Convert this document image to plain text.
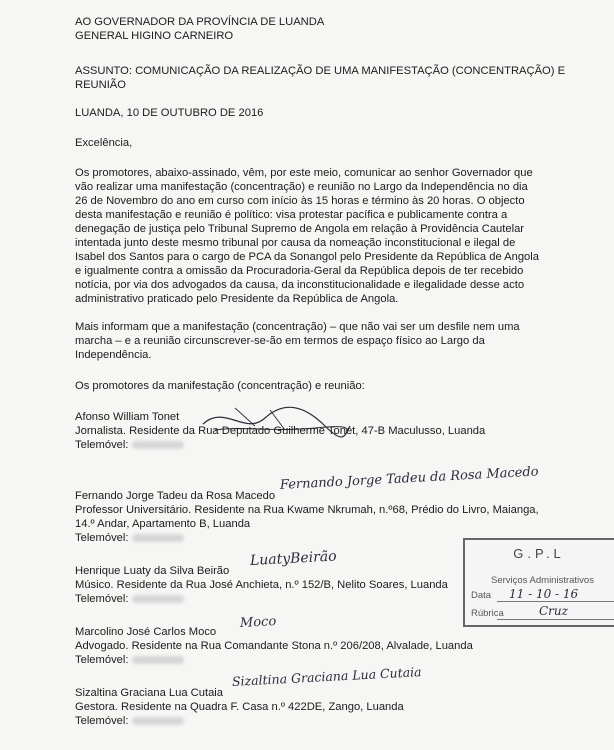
AO GOVERNADOR DA PROVÍNCIA DE LUANDA
GENERAL HIGINO CARNEIRO
ASSUNTO: COMUNICAÇÃO DA REALIZAÇÃO DE UMA MANIFESTAÇÃO (CONCENTRAÇÃO) E
REUNIÃO
LUANDA, 10 DE OUTUBRO DE 2016
Excelência,
Os promotores, abaixo-assinado, vêm, por este meio, comunicar ao senhor Governador que
vão realizar uma manifestação (concentração) e reunião no Largo da Independência no dia
26 de Novembro do ano em curso com início às 15 horas e término às 20 horas. O objecto
desta manifestação e reunião é político: visa protestar pacífica e publicamente contra a
denegação de justiça pelo Tribunal Supremo de Angola em relação à Providência Cautelar
intentada junto deste mesmo tribunal por causa da nomeação inconstitucional e ilegal de
Isabel dos Santos para o cargo de PCA da Sonangol pelo Presidente da República de Angola
e igualmente contra a omissão da Procuradoria-Geral da República depois de ter recebido
notícia, por via dos advogados da causa, da inconstitucionalidade e ilegalidade desse acto
administrativo praticado pelo Presidente da República de Angola.
Mais informam que a manifestação (concentração) – que não vai ser um desfile nem uma
marcha – e a reunião circunscrever-se-ão em termos de espaço físico ao Largo da
Independência.
Os promotores da manifestação (concentração) e reunião:
Afonso William Tonet
Jornalista. Residente da Rua Deputado Guilherme Tonet, 47-B Maculusso, Luanda
Telemóvel:
Fernando Jorge Tadeu da Rosa Macedo
Fernando Jorge Tadeu da Rosa Macedo
Professor Universitário. Residente na Rua Kwame Nkrumah, n.º68, Prédio do Livro, Maianga,
14.º Andar, Apartamento B, Luanda
Telemóvel:
Henrique Luaty da Silva Beirão
LuatyBeirão
Músico. Residente da Rua José Anchieta, n.º 152/B, Nelito Soares, Luanda
Telemóvel:
Marcolino José Carlos Moco
Moco
Advogado. Residente na Rua Comandante Stona n.º 206/208, Alvalade, Luanda
Telemóvel:
Sizaltina Graciana Lua Cutaia
Sizaltina Graciana Lua Cutaia
Gestora. Residente na Quadra F. Casa n.º 422DE, Zango, Luanda
Telemóvel:
G.P.L
Serviços Administrativos
Data 11 - 10 - 16
Rúbrica	Cruz
